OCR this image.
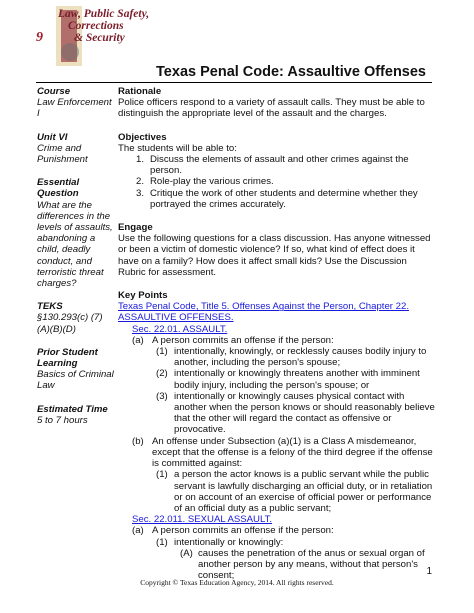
9
Law, Public Safety,
Corrections
& Security
Texas Penal Code: Assaultive Offenses
Course
Law Enforcement I
Unit VI
Crime and Punishment
Essential Question
What are the differences in the levels of assaults, abandoning a child, deadly conduct, and terroristic threat charges?
TEKS
§130.293(c) (7)(A)(B)(D)
Prior Student Learning
Basics of Criminal Law
Estimated Time
5 to 7 hours
Rationale
Police officers respond to a variety of assault calls. They must be able to distinguish the appropriate level of the assault and the charges.
Objectives
The students will be able to:
1. Discuss the elements of assault and other crimes against the person.
2. Role-play the various crimes.
3. Critique the work of other students and determine whether they portrayed the crimes accurately.
Engage
Use the following questions for a class discussion. Has anyone witnessed or been a victim of domestic violence? If so, what kind of effect does it have on a family? How does it affect small kids? Use the Discussion Rubric for assessment.
Key Points
Texas Penal Code, Title 5. Offenses Against the Person, Chapter 22. ASSAULTIVE OFFENSES.
Sec. 22.01. ASSAULT.
(a) A person commits an offense if the person:
(1) intentionally, knowingly, or recklessly causes bodily injury to another, including the person's spouse;
(2) intentionally or knowingly threatens another with imminent bodily injury, including the person's spouse; or
(3) intentionally or knowingly causes physical contact with another when the person knows or should reasonably believe that the other will regard the contact as offensive or provocative.
(b) An offense under Subsection (a)(1) is a Class A misdemeanor, except that the offense is a felony of the third degree if the offense is committed against:
(1) a person the actor knows is a public servant while the public servant is lawfully discharging an official duty, or in retaliation or on account of an exercise of official power or performance of an official duty as a public servant;
Sec. 22.011. SEXUAL ASSAULT.
(a) A person commits an offense if the person:
(1) intentionally or knowingly:
(A) causes the penetration of the anus or sexual organ of another person by any means, without that person's consent;	1
Copyright © Texas Education Agency, 2014. All rights reserved.
